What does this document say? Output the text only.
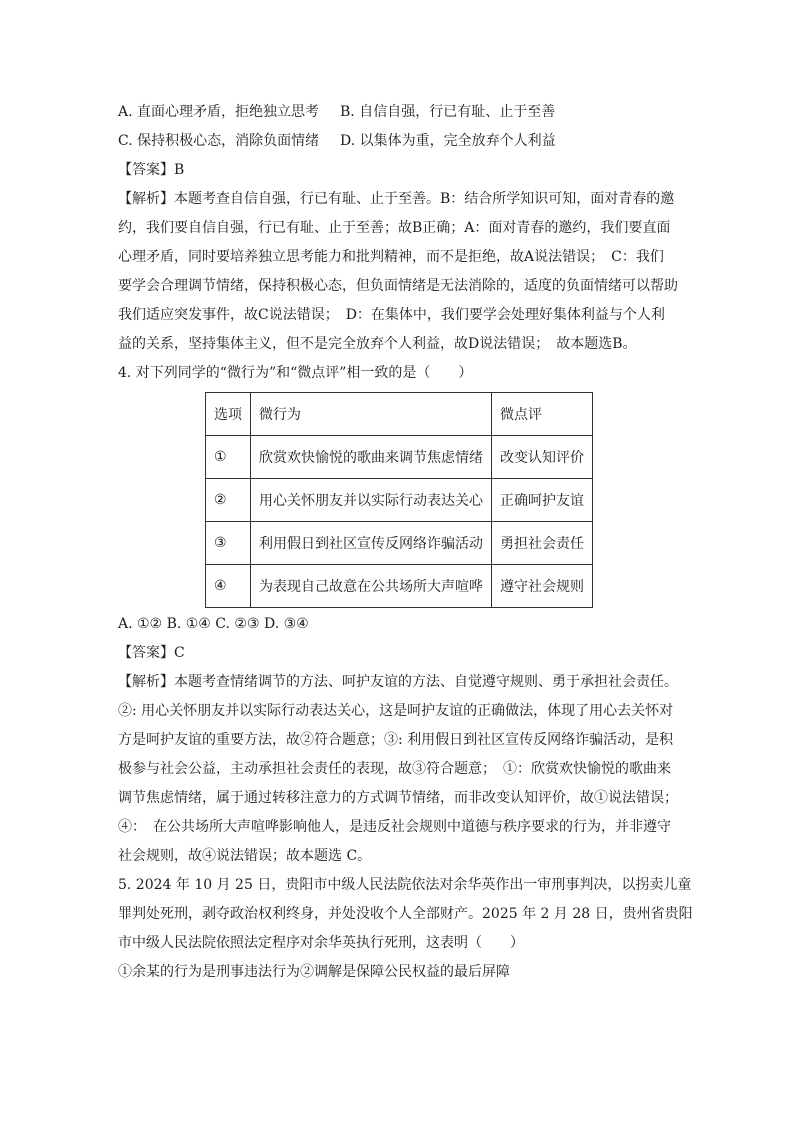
A. 直面心理矛盾，拒绝独立思考 B. 自信自强，行已有耻、止于至善
C. 保持积极心态，消除负面情绪 D. 以集体为重，完全放弃个人利益
【答案】B
【解析】本题考查自信自强，行已有耻、止于至善。B：结合所学知识可知，面对青春的邀
约，我们要自信自强，行已有耻、止于至善；故B正确；A：面对青春的邀约，我们要直面
心理矛盾，同时要培养独立思考能力和批判精神，而不是拒绝，故A说法错误；　C：我们
要学会合理调节情绪，保持积极心态，但负面情绪是无法消除的，适度的负面情绪可以帮助
我们适应突发事件，故C说法错误；　D：在集体中，我们要学会处理好集体利益与个人利
益的关系，坚持集体主义，但不是完全放弃个人利益，故D说法错误；　故本题选B。
4. 对下列同学的“微行为”和“微点评”相一致的是（　　）
选项	微行为	微点评
①	欣赏欢快愉悦的歌曲来调节焦虑情绪	改变认知评价
②	用心关怀朋友并以实际行动表达关心	正确呵护友谊
③	利用假日到社区宣传反网络诈骗活动	勇担社会责任
④	为表现自己故意在公共场所大声喧哗	遵守社会规则
A. ①② B. ①④ C. ②③ D. ③④
【答案】C
【解析】本题考查情绪调节的方法、呵护友谊的方法、自觉遵守规则、勇于承担社会责任。
②: 用心关怀朋友并以实际行动表达关心，这是呵护友谊的正确做法，体现了用心去关怀对
方是呵护友谊的重要方法，故②符合题意；③: 利用假日到社区宣传反网络诈骗活动，是积
极参与社会公益，主动承担社会责任的表现，故③符合题意；　①：欣赏欢快愉悦的歌曲来
调节焦虑情绪，属于通过转移注意力的方式调节情绪，而非改变认知评价，故①说法错误；
④：　在公共场所大声喧哗影响他人，是违反社会规则中道德与秩序要求的行为，并非遵守
社会规则，故④说法错误；故本题选 C。
5. 2024 年 10 月 25 日，贵阳市中级人民法院依法对余华英作出一审刑事判决，以拐卖儿童
罪判处死刑，剥夺政治权利终身，并处没收个人全部财产。2025 年 2 月 28 日，贵州省贵阳
市中级人民法院依照法定程序对余华英执行死刑，这表明（　　）
①余某的行为是刑事违法行为②调解是保障公民权益的最后屏障
